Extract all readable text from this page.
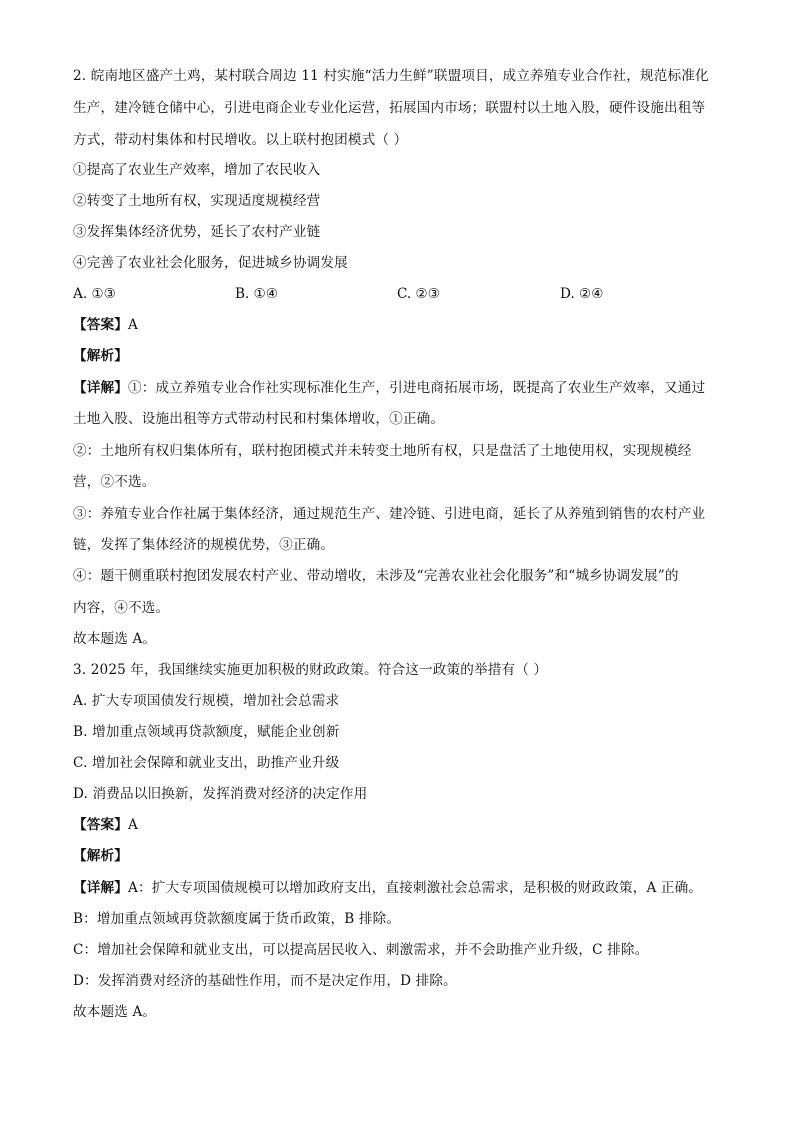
2. 皖南地区盛产土鸡，某村联合周边 11 村实施“活力生鲜”联盟项目，成立养殖专业合作社，规范标准化
生产，建冷链仓储中心，引进电商企业专业化运营，拓展国内市场；联盟村以土地入股，硬件设施出租等
方式，带动村集体和村民增收。以上联村抱团模式（ ）
①提高了农业生产效率，增加了农民收入
②转变了土地所有权，实现适度规模经营
③发挥集体经济优势，延长了农村产业链
④完善了农业社会化服务，促进城乡协调发展
A. ①③	B. ①④	C. ②③	D. ②④
【答案】A
【解析】
【详解】①：成立养殖专业合作社实现标准化生产，引进电商拓展市场，既提高了农业生产效率，又通过
土地入股、设施出租等方式带动村民和村集体增收，①正确。
②：土地所有权归集体所有，联村抱团模式并未转变土地所有权，只是盘活了土地使用权，实现规模经
营，②不选。
③：养殖专业合作社属于集体经济，通过规范生产、建冷链、引进电商，延长了从养殖到销售的农村产业
链，发挥了集体经济的规模优势，③正确。
④：题干侧重联村抱团发展农村产业、带动增收，未涉及“完善农业社会化服务”和“城乡协调发展”的
内容，④不选。
故本题选 A。
3. 2025 年，我国继续实施更加积极的财政政策。符合这一政策的举措有（ ）
A. 扩大专项国债发行规模，增加社会总需求
B. 增加重点领域再贷款额度，赋能企业创新
C. 增加社会保障和就业支出，助推产业升级
D. 消费品以旧换新，发挥消费对经济的决定作用
【答案】A
【解析】
【详解】A：扩大专项国债规模可以增加政府支出，直接刺激社会总需求，是积极的财政政策，A 正确。
B：增加重点领域再贷款额度属于货币政策，B 排除。
C：增加社会保障和就业支出，可以提高居民收入、刺激需求，并不会助推产业升级，C 排除。
D：发挥消费对经济的基础性作用，而不是决定作用，D 排除。
故本题选 A。
